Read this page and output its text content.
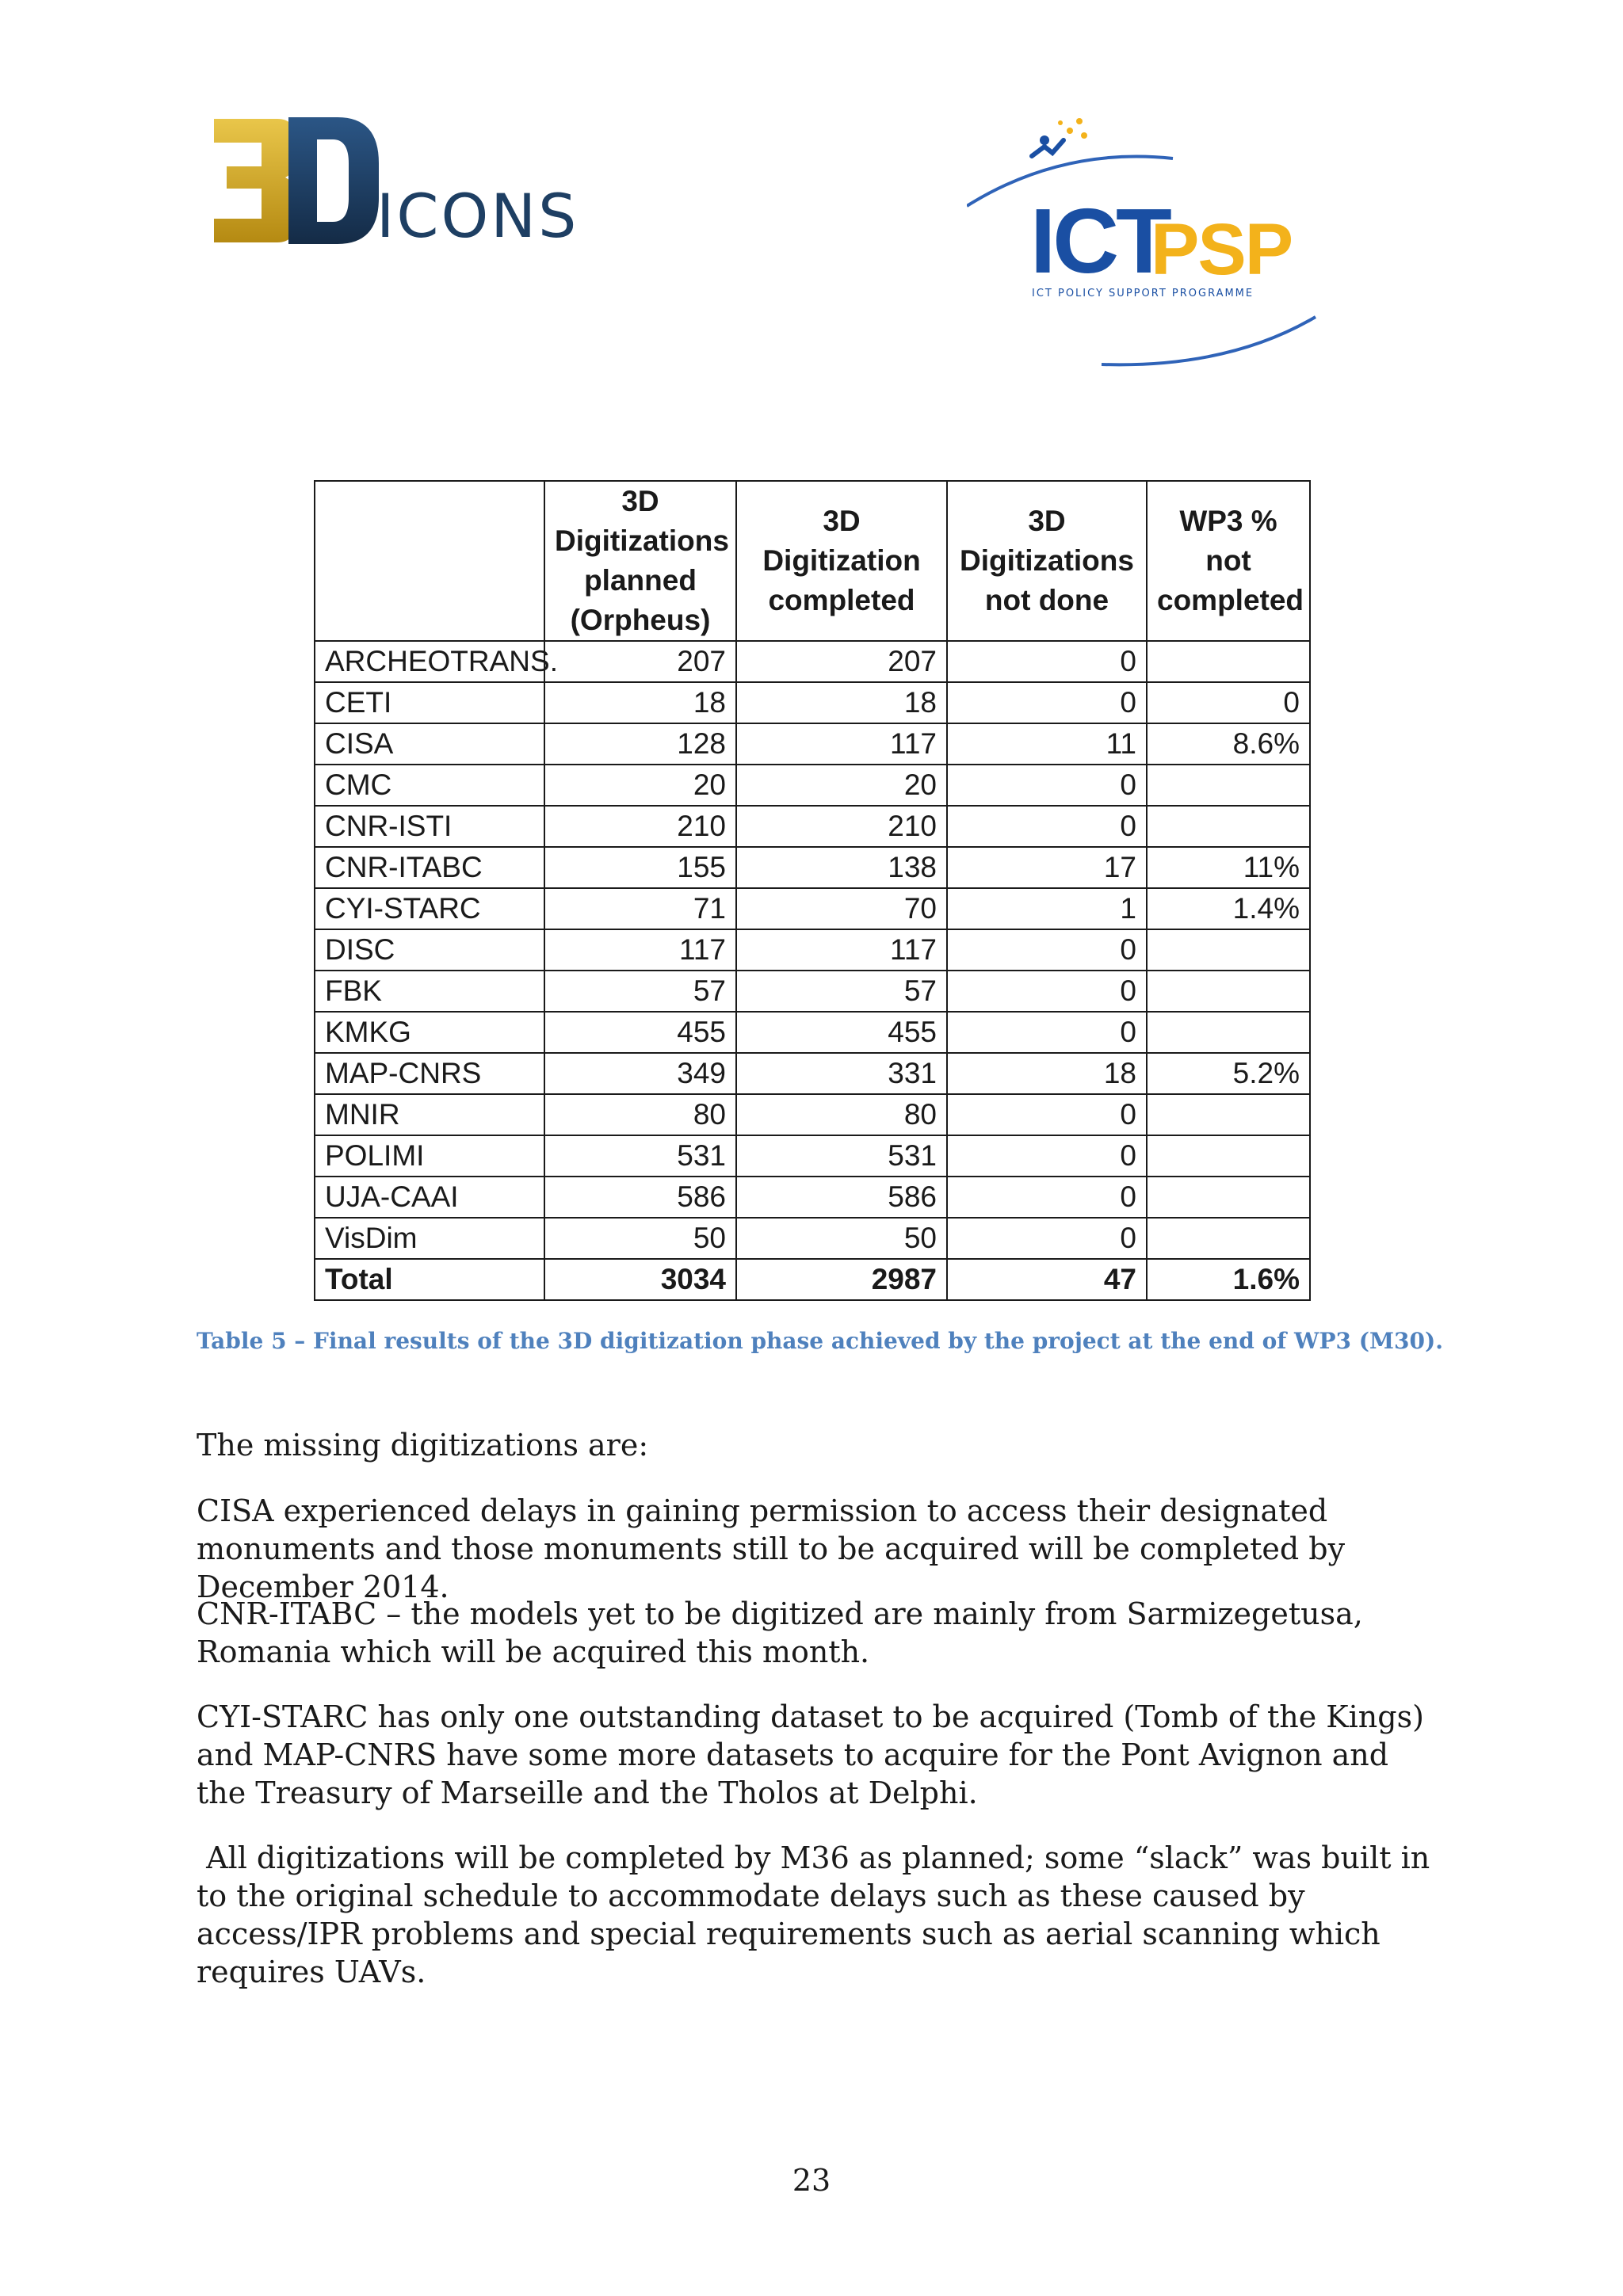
ICONS	ICT
PSP
ICT POLICY SUPPORT PROGRAMME
	3D Digitizations planned (Orpheus)	3D Digitization completed	3D Digitizations not done	WP3 % not completed
ARCHEOTRANS.	207	207	0	
CETI	18	18	0	0
CISA	128	117	11	8.6%
CMC	20	20	0	
CNR-ISTI	210	210	0	
CNR-ITABC	155	138	17	11%
CYI-STARC	71	70	1	1.4%
DISC	117	117	0	
FBK	57	57	0	
KMKG	455	455	0	
MAP-CNRS	349	331	18	5.2%
MNIR	80	80	0	
POLIMI	531	531	0	
UJA-CAAI	586	586	0	
VisDim	50	50	0	
Total	3034	2987	47	1.6%
Table 5 – Final results of the 3D digitization phase achieved by the project at the end of WP3 (M30).

The missing digitizations are:

CISA experienced delays in gaining permission to access their designated monuments and those monuments still to be acquired will be completed by December 2014.

CNR-ITABC – the models yet to be digitized are mainly from Sarmizegetusa, Romania which will be acquired this month.

CYI-STARC has only one outstanding dataset to be acquired (Tomb of the Kings) and MAP-CNRS have some more datasets to acquire for the Pont Avignon and the Treasury of Marseille and the Tholos at Delphi.

All digitizations will be completed by M36 as planned; some “slack” was built in to the original schedule to accommodate delays such as these caused by access/IPR problems and special requirements such as aerial scanning which requires UAVs.

23
